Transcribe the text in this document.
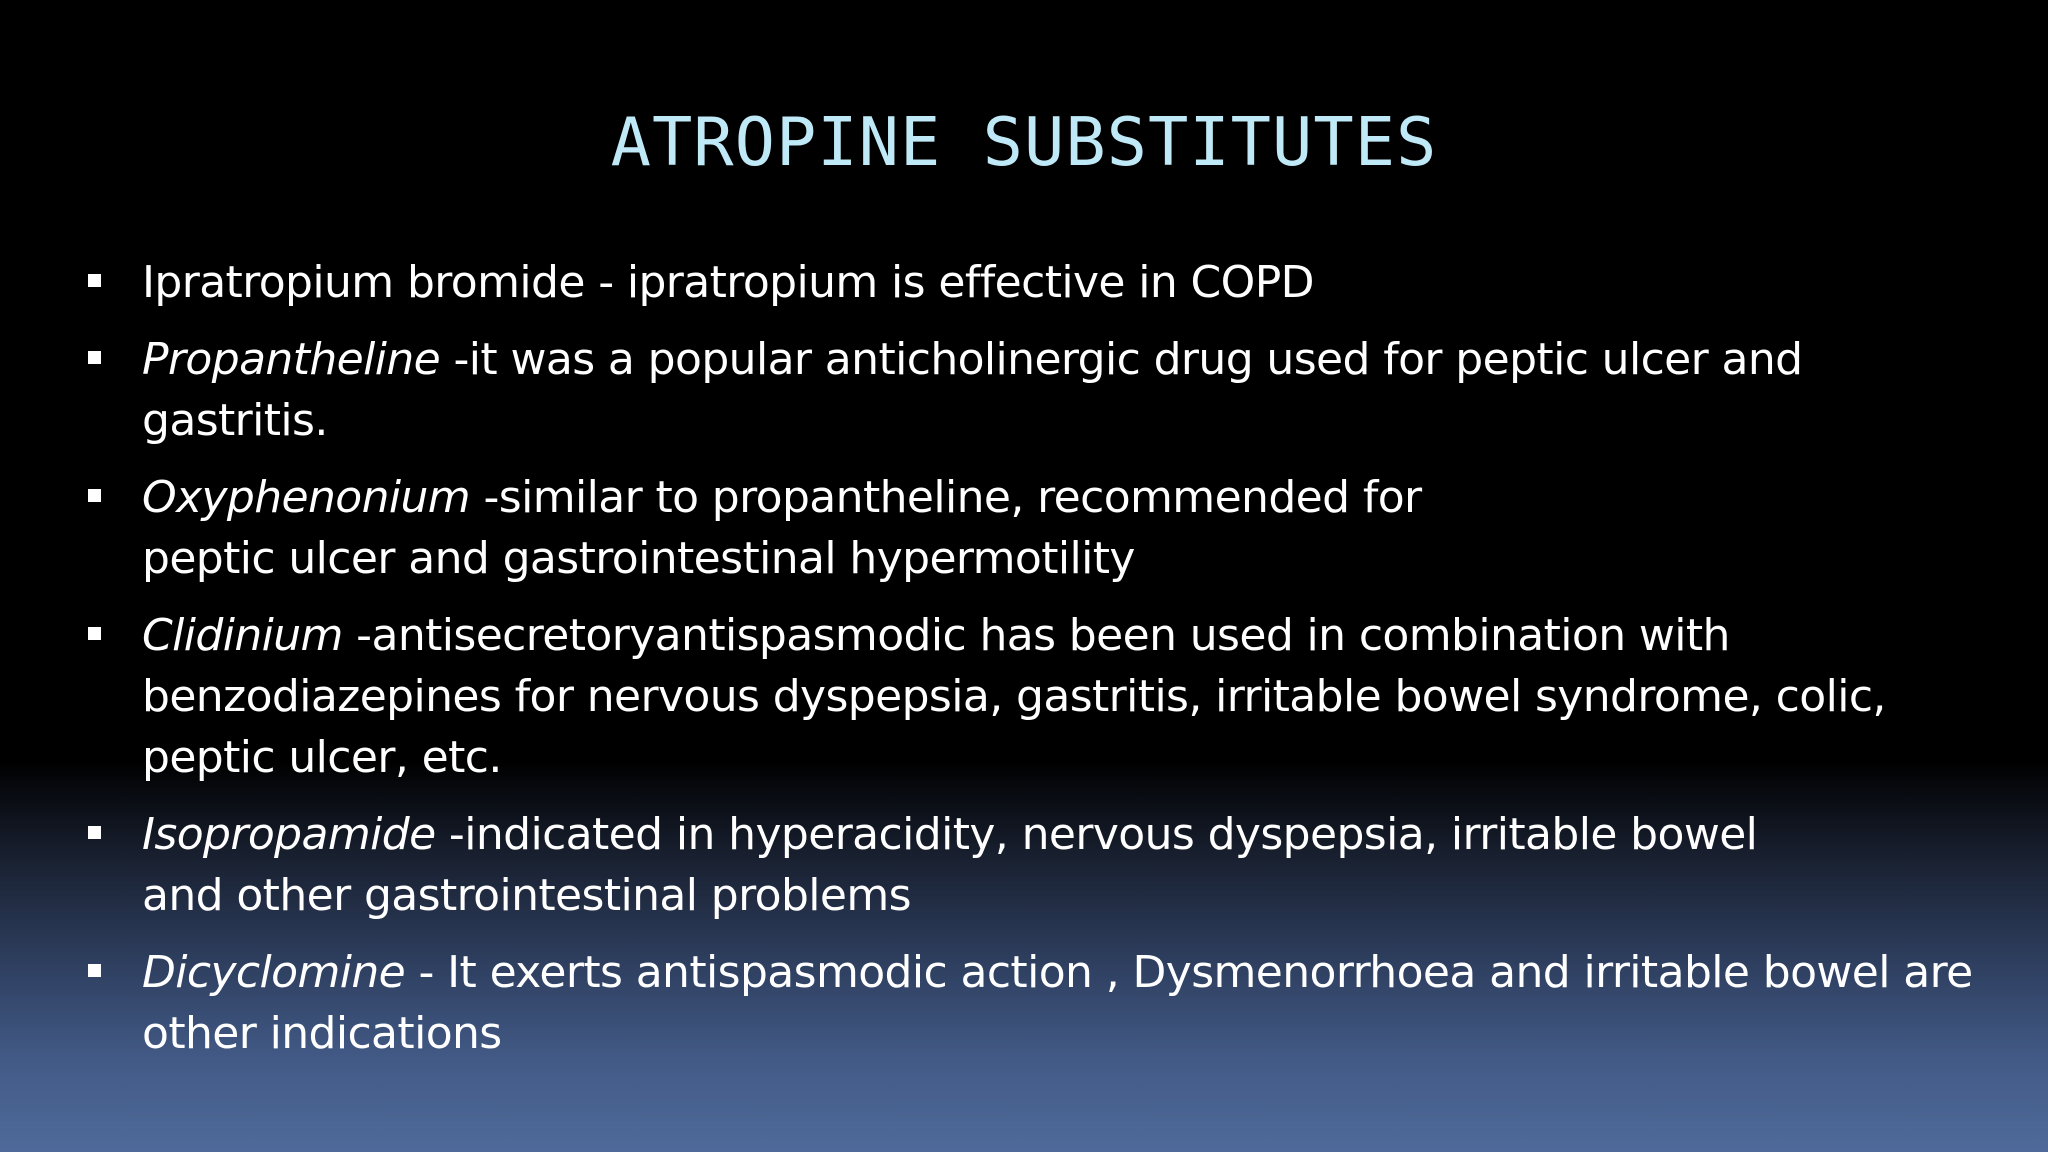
ATROPINE SUBSTITUTES
Ipratropium bromide - ipratropium is effective in COPD
Propantheline -it was a popular anticholinergic drug used for peptic ulcer and
gastritis.
Oxyphenonium -similar to propantheline, recommended for
peptic ulcer and gastrointestinal hypermotility
Clidinium -antisecretoryantispasmodic has been used in combination with
benzodiazepines for nervous dyspepsia, gastritis, irritable bowel syndrome, colic,
peptic ulcer, etc.
Isopropamide -indicated in hyperacidity, nervous dyspepsia, irritable bowel
and other gastrointestinal problems
Dicyclomine - It exerts antispasmodic action , Dysmenorrhoea and irritable bowel are
other indications
